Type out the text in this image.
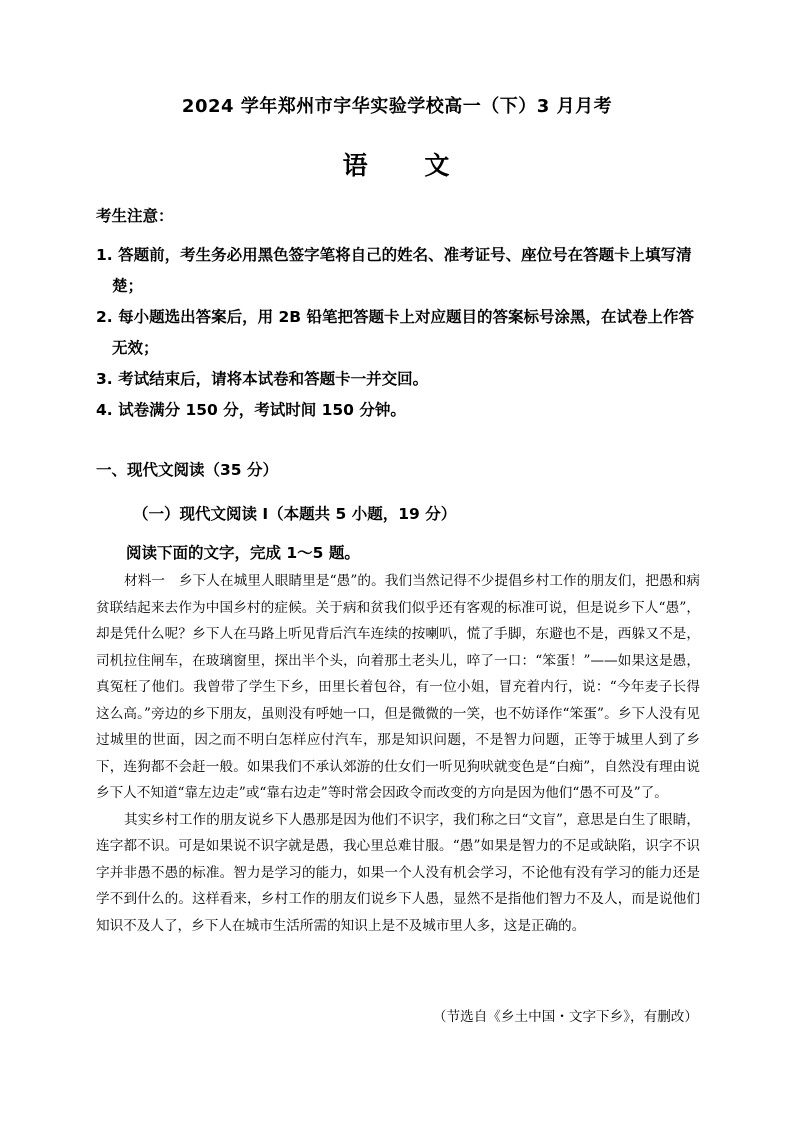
2024 学年郑州市宇华实验学校高一（下）3 月月考
语 文
考生注意：
1. 答题前，考生务必用黑色签字笔将自己的姓名、准考证号、座位号在答题卡上填写清楚；
2. 每小题选出答案后，用 2B 铅笔把答题卡上对应题目的答案标号涂黑，在试卷上作答无效；
3. 考试结束后，请将本试卷和答题卡一并交回。
4. 试卷满分 150 分，考试时间 150 分钟。
一、现代文阅读（35 分）
（一）现代文阅读 I（本题共 5 小题，19 分）
阅读下面的文字，完成 1～5 题。

材料一　乡下人在城里人眼睛里是“愚”的。我们当然记得不少提倡乡村工作的朋友们，把愚和病贫联结起来去作为中国乡村的症候。关于病和贫我们似乎还有客观的标准可说，但是说乡下人“愚”，却是凭什么呢？乡下人在马路上听见背后汽车连续的按喇叭，慌了手脚，东避也不是，西躲又不是，司机拉住闸车，在玻璃窗里，探出半个头，向着那土老头儿，啐了一口：“笨蛋！”——如果这是愚，真冤枉了他们。我曾带了学生下乡，田里长着包谷，有一位小姐，冒充着内行，说：“今年麦子长得这么高。”旁边的乡下朋友，虽则没有呼她一口，但是微微的一笑，也不妨译作“笨蛋”。乡下人没有见过城里的世面，因之而不明白怎样应付汽车，那是知识问题，不是智力问题，正等于城里人到了乡下，连狗都不会赶一般。如果我们不承认郊游的仕女们一听见狗吠就变色是“白痴”，自然没有理由说乡下人不知道“靠左边走”或“靠右边走”等时常会因政令而改变的方向是因为他们“愚不可及”了。

其实乡村工作的朋友说乡下人愚那是因为他们不识字，我们称之曰“文盲”，意思是白生了眼睛，连字都不识。可是如果说不识字就是愚，我心里总难甘服。“愚”如果是智力的不足或缺陷，识字不识字并非愚不愚的标准。智力是学习的能力，如果一个人没有机会学习，不论他有没有学习的能力还是学不到什么的。这样看来，乡村工作的朋友们说乡下人愚，显然不是指他们智力不及人，而是说他们知识不及人了，乡下人在城市生活所需的知识上是不及城市里人多，这是正确的。

（节选自《乡土中国・文字下乡》，有删改）
